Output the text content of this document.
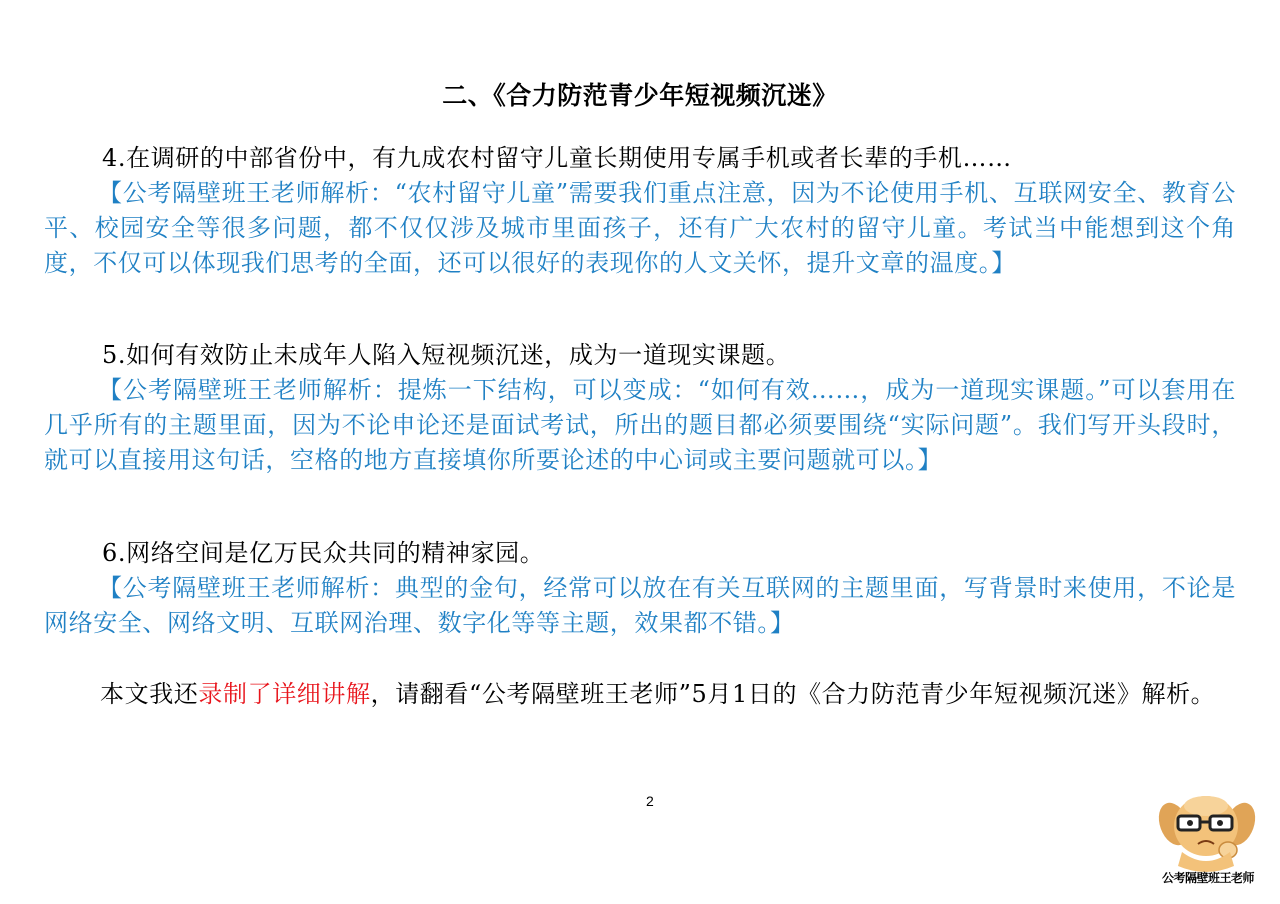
二、《合力防范青少年短视频沉迷》

4.在调研的中部省份中，有九成农村留守儿童长期使用专属手机或者长辈的手机……

【公考隔壁班王老师解析：“农村留守儿童”需要我们重点注意，因为不论使用手机、互联网安全、教育公平、校园安全等很多问题，都不仅仅涉及城市里面孩子，还有广大农村的留守儿童。考试当中能想到这个角度，不仅可以体现我们思考的全面，还可以很好的表现你的人文关怀，提升文章的温度。】

5.如何有效防止未成年人陷入短视频沉迷，成为一道现实课题。

【公考隔壁班王老师解析：提炼一下结构，可以变成：“如何有效……，成为一道现实课题。”可以套用在几乎所有的主题里面，因为不论申论还是面试考试，所出的题目都必须要围绕“实际问题”。我们写开头段时，就可以直接用这句话，空格的地方直接填你所要论述的中心词或主要问题就可以。】

6.网络空间是亿万民众共同的精神家园。

【公考隔壁班王老师解析：典型的金句，经常可以放在有关互联网的主题里面，写背景时来使用，不论是网络安全、网络文明、互联网治理、数字化等等主题，效果都不错。】

本文我还录制了详细讲解，请翻看“公考隔壁班王老师”5月1日的《合力防范青少年短视频沉迷》解析。

2
公考隔壁班王老师
